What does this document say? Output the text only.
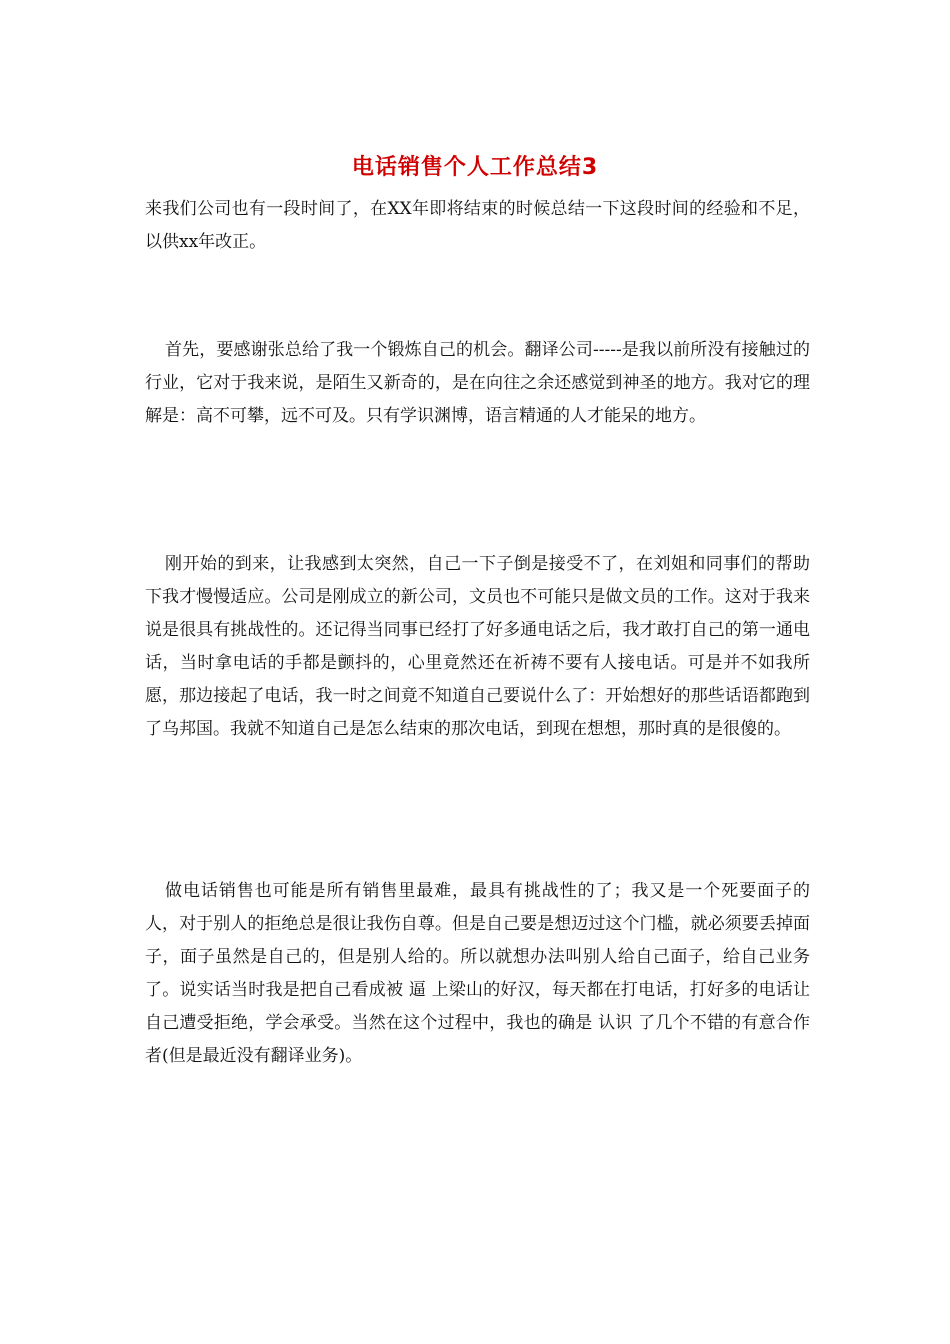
电话销售个人工作总结3

来我们公司也有一段时间了，在XX年即将结束的时候总结一下这段时间的经验和不足，以供xx年改正。

首先，要感谢张总给了我一个锻炼自己的机会。翻译公司-----是我以前所没有接触过的行业，它对于我来说，是陌生又新奇的，是在向往之余还感觉到神圣的地方。我对它的理解是：高不可攀，远不可及。只有学识渊博，语言精通的人才能呆的地方。

刚开始的到来，让我感到太突然，自己一下子倒是接受不了，在刘姐和同事们的帮助下我才慢慢适应。公司是刚成立的新公司，文员也不可能只是做文员的工作。这对于我来说是很具有挑战性的。还记得当同事已经打了好多通电话之后，我才敢打自己的第一通电话，当时拿电话的手都是颤抖的，心里竟然还在祈祷不要有人接电话。可是并不如我所愿，那边接起了电话，我一时之间竟不知道自己要说什么了：开始想好的那些话语都跑到了乌邦国。我就不知道自己是怎么结束的那次电话，到现在想想，那时真的是很傻的。

做电话销售也可能是所有销售里最难，最具有挑战性的了；我又是一个死要面子的人，对于别人的拒绝总是很让我伤自尊。但是自己要是想迈过这个门槛，就必须要丢掉面子，面子虽然是自己的，但是别人给的。所以就想办法叫别人给自己面子，给自己业务了。说实话当时我是把自己看成被 逼 上梁山的好汉，每天都在打电话，打好多的电话让自己遭受拒绝，学会承受。当然在这个过程中，我也的确是 认识 了几个不错的有意合作者(但是最近没有翻译业务)。
